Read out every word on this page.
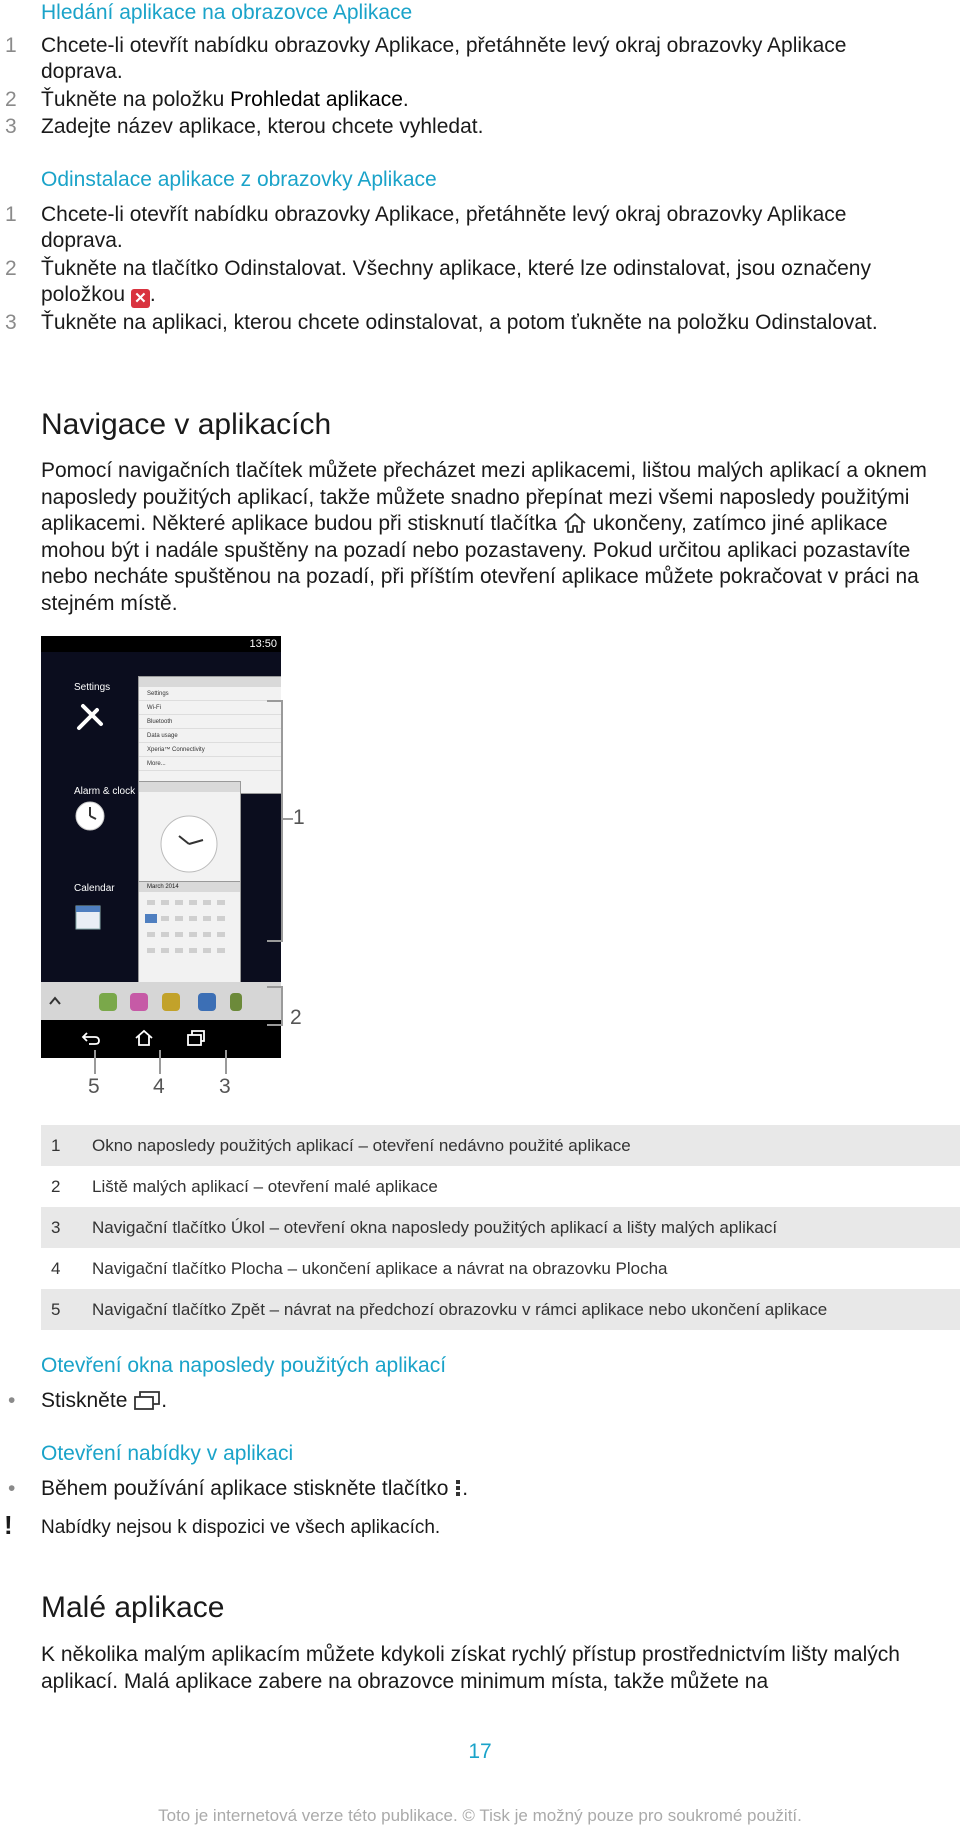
Hledání aplikace na obrazovce Aplikace
1	Chcete-li otevřít nabídku obrazovky Aplikace, přetáhněte levý okraj obrazovky Aplikace doprava.
2	Ťukněte na položku Prohledat aplikace.
3	Zadejte název aplikace, kterou chcete vyhledat.
Odinstalace aplikace z obrazovky Aplikace
1	Chcete-li otevřít nabídku obrazovky Aplikace, přetáhněte levý okraj obrazovky Aplikace doprava.
2	Ťukněte na tlačítko Odinstalovat. Všechny aplikace, které lze odinstalovat, jsou označeny položkou ✕ .
3	Ťukněte na aplikaci, kterou chcete odinstalovat, a potom ťukněte na položku Odinstalovat.
Navigace v aplikacích
Pomocí navigačních tlačítek můžete přecházet mezi aplikacemi, lištou malých aplikací a oknem naposledy použitých aplikací, takže můžete snadno přepínat mezi všemi naposledy použitými aplikacemi. Některé aplikace budou při stisknutí tlačítka ukončeny, zatímco jiné aplikace mohou být i nadále spuštěny na pozadí nebo pozastaveny. Pokud určitou aplikaci pozastavíte nebo necháte spuštěnou na pozadí, při příštím otevření aplikace můžete pokračovat v práci na stejném místě.
13:50
Settings
Alarm & clock
Calendar
Settings
Wi-Fi
Bluetooth
Data usage
Xperia™ Connectivity
More...
March 2014
1
2
5	4	3
1	Okno naposledy použitých aplikací – otevření nedávno použité aplikace
2	Liště malých aplikací – otevření malé aplikace
3	Navigační tlačítko Úkol – otevření okna naposledy použitých aplikací a lišty malých aplikací
4	Navigační tlačítko Plocha – ukončení aplikace a návrat na obrazovku Plocha
5	Navigační tlačítko Zpět – návrat na předchozí obrazovku v rámci aplikace nebo ukončení aplikace
Otevření okna naposledy použitých aplikací
• Stiskněte .
Otevření nabídky v aplikaci
• Během používání aplikace stiskněte tlačítko .
! Nabídky nejsou k dispozici ve všech aplikacích.
Malé aplikace
K několika malým aplikacím můžete kdykoli získat rychlý přístup prostřednictvím lišty malých aplikací. Malá aplikace zabere na obrazovce minimum místa, takže můžete na
17
Toto je internetová verze této publikace. © Tisk je možný pouze pro soukromé použití.
